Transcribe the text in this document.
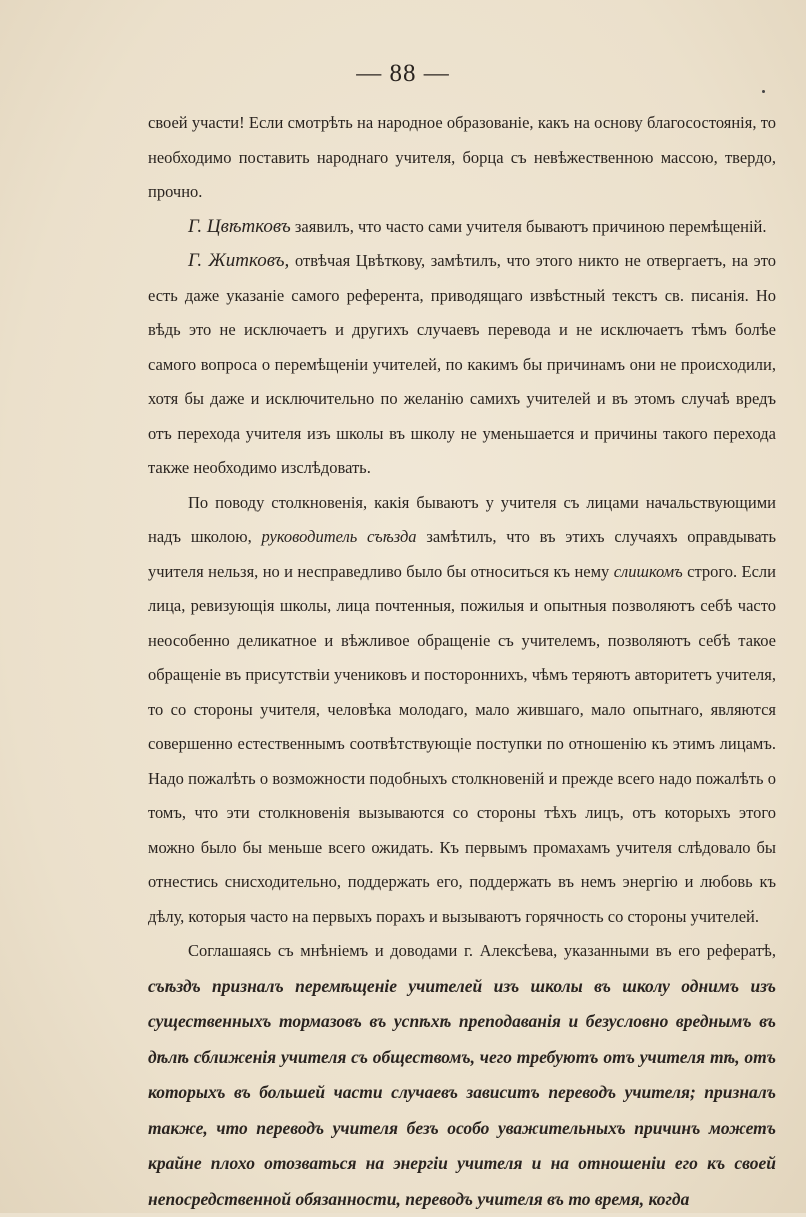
— 88 —

своей участи! Если смотрѣть на народное образованіе, какъ на основу благосостоянія, то необходимо поставить народнаго учителя, борца съ невѣжественною массою, твердо, прочно.

Г. Цвѣтковъ заявилъ, что часто сами учителя бываютъ причиною перемѣщеній.

Г. Житковъ, отвѣчая Цвѣткову, замѣтилъ, что этого никто не отвергаетъ, на это есть даже указаніе самого референта, приводящаго извѣстный текстъ св. писанія. Но вѣдь это не исключаетъ и другихъ случаевъ перевода и не исключаетъ тѣмъ болѣе самого вопроса о перемѣщеніи учителей, по какимъ бы причинамъ они не происходили, хотя бы даже и исключительно по желанію самихъ учителей и въ этомъ случаѣ вредъ отъ перехода учителя изъ школы въ школу не уменьшается и причины такого перехода также необходимо изслѣдовать.

По поводу столкновенія, какія бываютъ у учителя съ лицами начальствующими надъ школою, руководитель съѣзда замѣтилъ, что въ этихъ случаяхъ оправдывать учителя нельзя, но и несправедливо было бы относиться къ нему слишкомъ строго. Если лица, ревизующія школы, лица почтенныя, пожилыя и опытныя позволяютъ себѣ часто неособенно деликатное и вѣжливое обращеніе съ учителемъ, позволяютъ себѣ такое обращеніе въ присутствіи учениковъ и постороннихъ, чѣмъ теряютъ авторитетъ учителя, то со стороны учителя, человѣка молодаго, мало жившаго, мало опытнаго, являются совершенно естественнымъ соотвѣтствующіе поступки по отношенію къ этимъ лицамъ. Надо пожалѣть о возможности подобныхъ столкновеній и прежде всего надо пожалѣть о томъ, что эти столкновенія вызываются со стороны тѣхъ лицъ, отъ которыхъ этого можно было бы меньше всего ожидать. Къ первымъ промахамъ учителя слѣдовало бы отнестись снисходительно, поддержать его, поддержать въ немъ энергію и любовь къ дѣлу, которыя часто на первыхъ порахъ и вызываютъ горячность со стороны учителей.

Соглашаясь съ мнѣніемъ и доводами г. Алексѣева, указанными въ его рефератѣ, съѣздъ призналъ перемѣщеніе учителей изъ школы въ школу однимъ изъ существенныхъ тормазовъ въ успѣхѣ преподаванія и безусловно вреднымъ въ дѣлѣ сближенія учителя съ обществомъ, чего требуютъ отъ учителя тѣ, отъ которыхъ въ большей части случаевъ зависитъ переводъ учителя; призналъ также, что переводъ учителя безъ особо уважительныхъ причинъ можетъ крайне плохо отозваться на энергіи учителя и на отношеніи его къ своей непосредственной обязанности, переводъ учителя въ то время, когда
